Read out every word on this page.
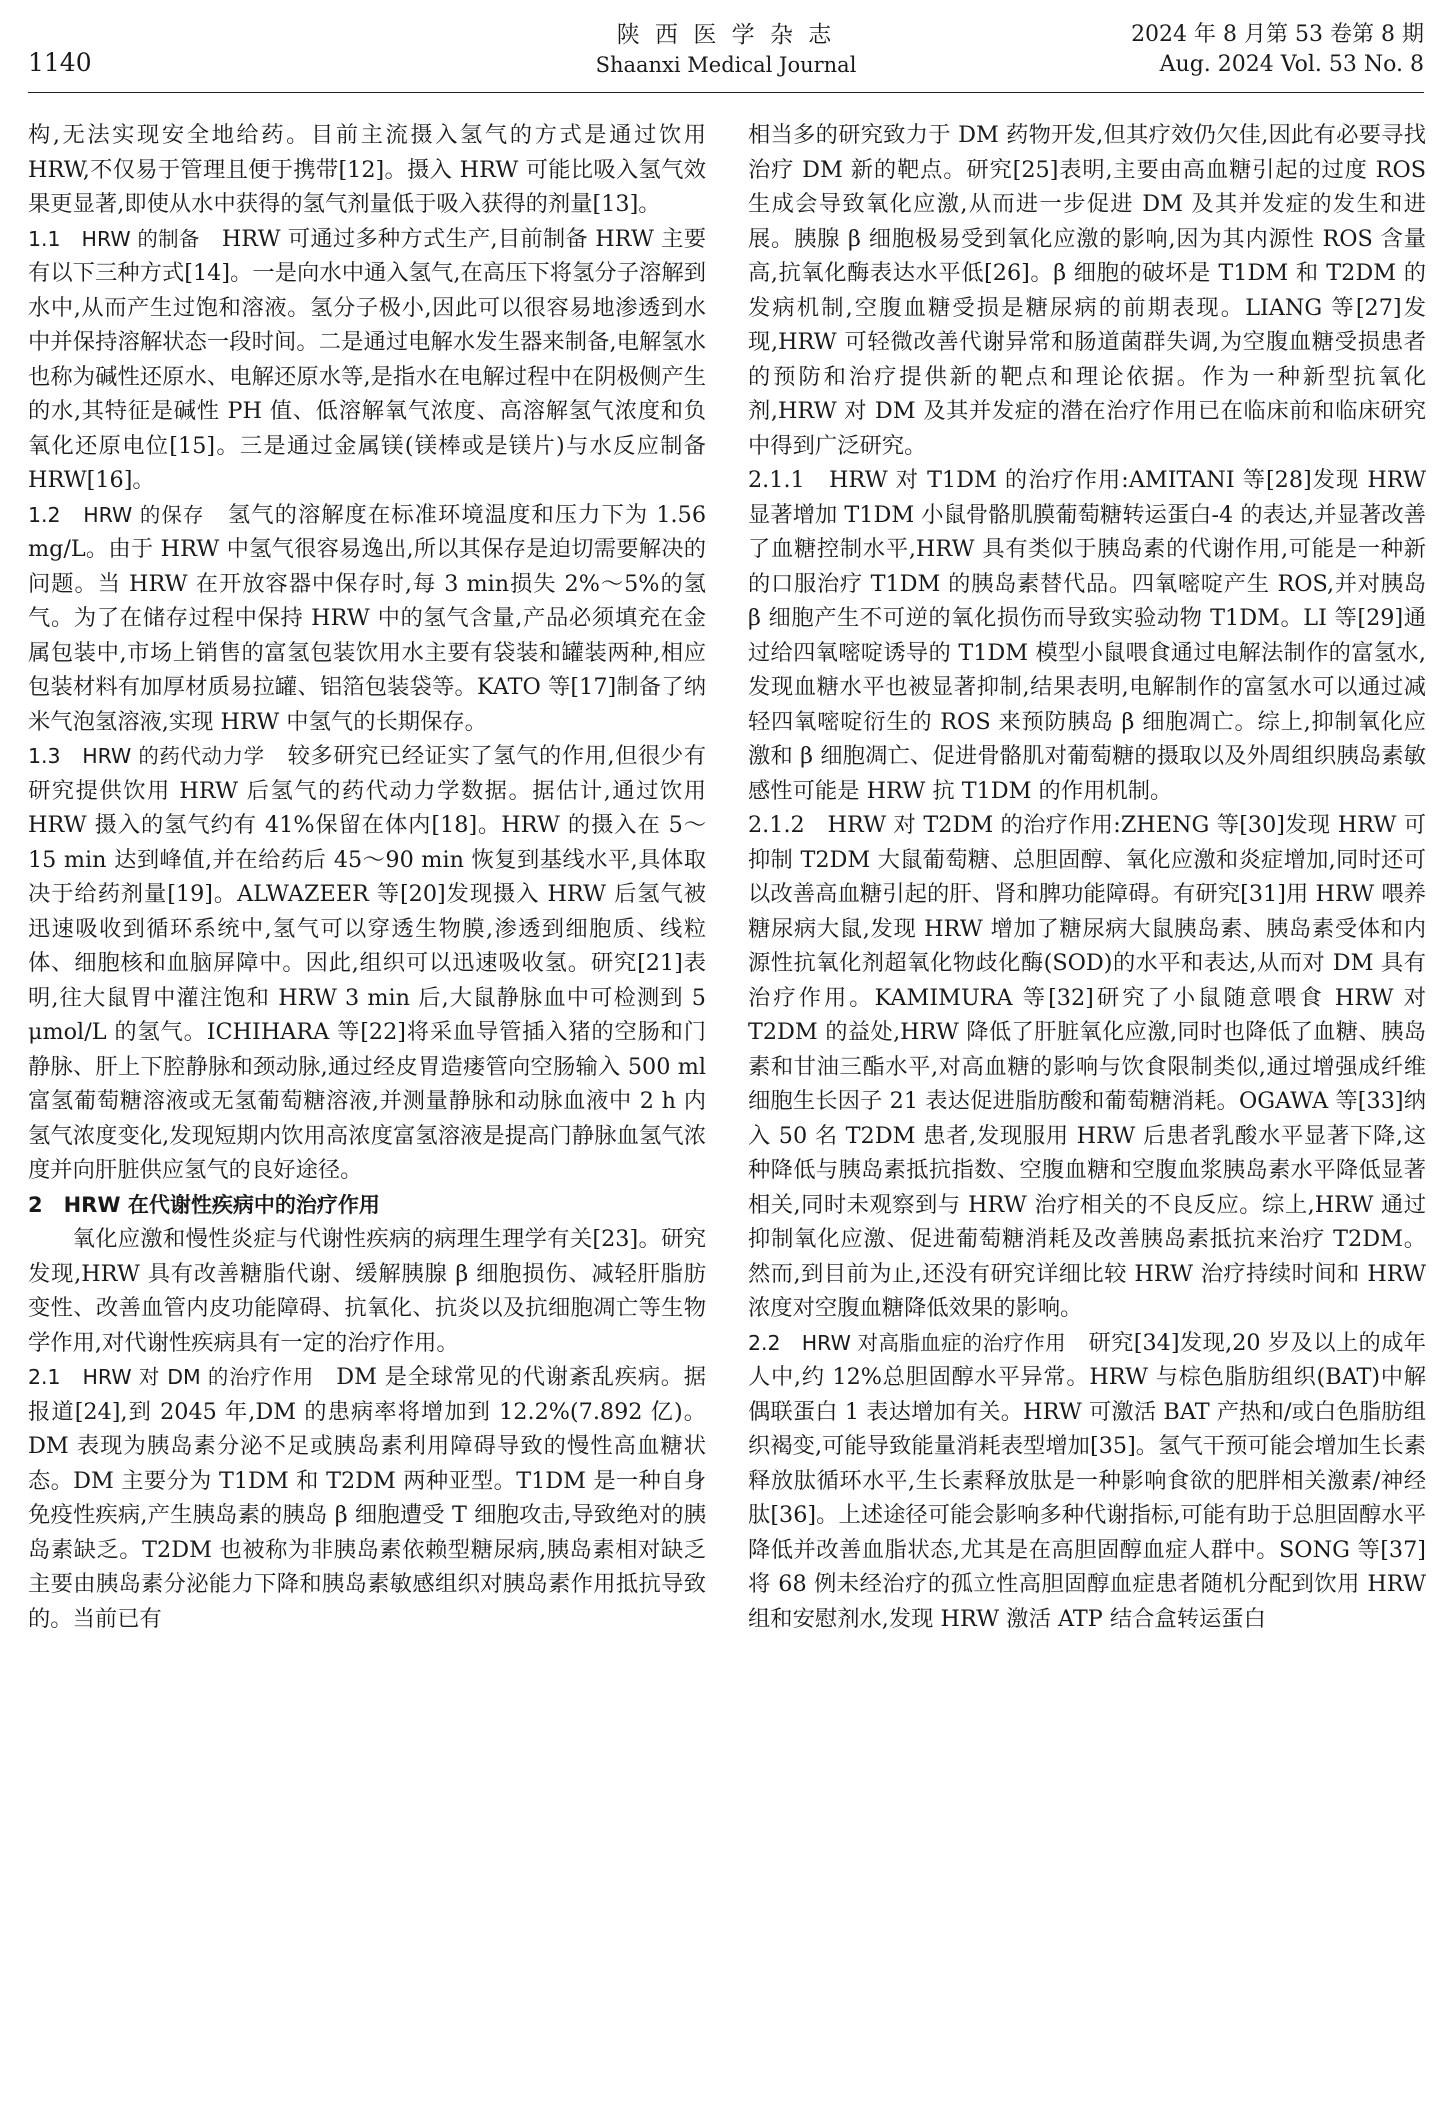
1140
陕 西 医 学 杂 志
Shaanxi Medical Journal
2024 年 8 月第 53 卷第 8 期
Aug. 2024 Vol. 53 No. 8

构,无法实现安全地给药。目前主流摄入氢气的方式是通过饮用 HRW,不仅易于管理且便于携带[12]。摄入 HRW 可能比吸入氢气效果更显著,即使从水中获得的氢气剂量低于吸入获得的剂量[13]。

1.1　HRW 的制备 HRW 可通过多种方式生产,目前制备 HRW 主要有以下三种方式[14]。一是向水中通入氢气,在高压下将氢分子溶解到水中,从而产生过饱和溶液。氢分子极小,因此可以很容易地渗透到水中并保持溶解状态一段时间。二是通过电解水发生器来制备,电解氢水也称为碱性还原水、电解还原水等,是指水在电解过程中在阴极侧产生的水,其特征是碱性 PH 值、低溶解氧气浓度、高溶解氢气浓度和负氧化还原电位[15]。三是通过金属镁(镁棒或是镁片)与水反应制备 HRW[16]。

1.2　HRW 的保存 氢气的溶解度在标准环境温度和压力下为 1.56 mg/L。由于 HRW 中氢气很容易逸出,所以其保存是迫切需要解决的问题。当 HRW 在开放容器中保存时,每 3 min损失 2%～5%的氢气。为了在储存过程中保持 HRW 中的氢气含量,产品必须填充在金属包装中,市场上销售的富氢包装饮用水主要有袋装和罐装两种,相应包装材料有加厚材质易拉罐、铝箔包装袋等。KATO 等[17]制备了纳米气泡氢溶液,实现 HRW 中氢气的长期保存。

1.3　HRW 的药代动力学 较多研究已经证实了氢气的作用,但很少有研究提供饮用 HRW 后氢气的药代动力学数据。据估计,通过饮用 HRW 摄入的氢气约有 41%保留在体内[18]。HRW 的摄入在 5～15 min 达到峰值,并在给药后 45～90 min 恢复到基线水平,具体取决于给药剂量[19]。ALWAZEER 等[20]发现摄入 HRW 后氢气被迅速吸收到循环系统中,氢气可以穿透生物膜,渗透到细胞质、线粒体、细胞核和血脑屏障中。因此,组织可以迅速吸收氢。研究[21]表明,往大鼠胃中灌注饱和 HRW 3 min 后,大鼠静脉血中可检测到 5 μmol/L 的氢气。ICHIHARA 等[22]将采血导管插入猪的空肠和门静脉、肝上下腔静脉和颈动脉,通过经皮胃造瘘管向空肠输入 500 ml 富氢葡萄糖溶液或无氢葡萄糖溶液,并测量静脉和动脉血液中 2 h 内氢气浓度变化,发现短期内饮用高浓度富氢溶液是提高门静脉血氢气浓度并向肝脏供应氢气的良好途径。

2　HRW 在代谢性疾病中的治疗作用

氧化应激和慢性炎症与代谢性疾病的病理生理学有关[23]。研究发现,HRW 具有改善糖脂代谢、缓解胰腺 β 细胞损伤、减轻肝脂肪变性、改善血管内皮功能障碍、抗氧化、抗炎以及抗细胞凋亡等生物学作用,对代谢性疾病具有一定的治疗作用。

2.1　HRW 对 DM 的治疗作用 DM 是全球常见的代谢紊乱疾病。据报道[24],到 2045 年,DM 的患病率将增加到 12.2%(7.892 亿)。DM 表现为胰岛素分泌不足或胰岛素利用障碍导致的慢性高血糖状态。DM 主要分为 T1DM 和 T2DM 两种亚型。T1DM 是一种自身免疫性疾病,产生胰岛素的胰岛 β 细胞遭受 T 细胞攻击,导致绝对的胰岛素缺乏。T2DM 也被称为非胰岛素依赖型糖尿病,胰岛素相对缺乏主要由胰岛素分泌能力下降和胰岛素敏感组织对胰岛素作用抵抗导致的。当前已有

相当多的研究致力于 DM 药物开发,但其疗效仍欠佳,因此有必要寻找治疗 DM 新的靶点。研究[25]表明,主要由高血糖引起的过度 ROS 生成会导致氧化应激,从而进一步促进 DM 及其并发症的发生和进展。胰腺 β 细胞极易受到氧化应激的影响,因为其内源性 ROS 含量高,抗氧化酶表达水平低[26]。β 细胞的破坏是 T1DM 和 T2DM 的发病机制,空腹血糖受损是糖尿病的前期表现。LIANG 等[27]发现,HRW 可轻微改善代谢异常和肠道菌群失调,为空腹血糖受损患者的预防和治疗提供新的靶点和理论依据。作为一种新型抗氧化剂,HRW 对 DM 及其并发症的潜在治疗作用已在临床前和临床研究中得到广泛研究。

2.1.1　HRW 对 T1DM 的治疗作用:AMITANI 等[28]发现 HRW 显著增加 T1DM 小鼠骨骼肌膜葡萄糖转运蛋白-4 的表达,并显著改善了血糖控制水平,HRW 具有类似于胰岛素的代谢作用,可能是一种新的口服治疗 T1DM 的胰岛素替代品。四氧嘧啶产生 ROS,并对胰岛 β 细胞产生不可逆的氧化损伤而导致实验动物 T1DM。LI 等[29]通过给四氧嘧啶诱导的 T1DM 模型小鼠喂食通过电解法制作的富氢水,发现血糖水平也被显著抑制,结果表明,电解制作的富氢水可以通过减轻四氧嘧啶衍生的 ROS 来预防胰岛 β 细胞凋亡。综上,抑制氧化应激和 β 细胞凋亡、促进骨骼肌对葡萄糖的摄取以及外周组织胰岛素敏感性可能是 HRW 抗 T1DM 的作用机制。

2.1.2　HRW 对 T2DM 的治疗作用:ZHENG 等[30]发现 HRW 可抑制 T2DM 大鼠葡萄糖、总胆固醇、氧化应激和炎症增加,同时还可以改善高血糖引起的肝、肾和脾功能障碍。有研究[31]用 HRW 喂养糖尿病大鼠,发现 HRW 增加了糖尿病大鼠胰岛素、胰岛素受体和内源性抗氧化剂超氧化物歧化酶(SOD)的水平和表达,从而对 DM 具有治疗作用。KAMIMURA 等[32]研究了小鼠随意喂食 HRW 对 T2DM 的益处,HRW 降低了肝脏氧化应激,同时也降低了血糖、胰岛素和甘油三酯水平,对高血糖的影响与饮食限制类似,通过增强成纤维细胞生长因子 21 表达促进脂肪酸和葡萄糖消耗。OGAWA 等[33]纳入 50 名 T2DM 患者,发现服用 HRW 后患者乳酸水平显著下降,这种降低与胰岛素抵抗指数、空腹血糖和空腹血浆胰岛素水平降低显著相关,同时未观察到与 HRW 治疗相关的不良反应。综上,HRW 通过抑制氧化应激、促进葡萄糖消耗及改善胰岛素抵抗来治疗 T2DM。然而,到目前为止,还没有研究详细比较 HRW 治疗持续时间和 HRW 浓度对空腹血糖降低效果的影响。

2.2　HRW 对高脂血症的治疗作用 研究[34]发现,20 岁及以上的成年人中,约 12%总胆固醇水平异常。HRW 与棕色脂肪组织(BAT)中解偶联蛋白 1 表达增加有关。HRW 可激活 BAT 产热和/或白色脂肪组织褐变,可能导致能量消耗表型增加[35]。氢气干预可能会增加生长素释放肽循环水平,生长素释放肽是一种影响食欲的肥胖相关激素/神经肽[36]。上述途径可能会影响多种代谢指标,可能有助于总胆固醇水平降低并改善血脂状态,尤其是在高胆固醇血症人群中。SONG 等[37]将 68 例未经治疗的孤立性高胆固醇血症患者随机分配到饮用 HRW 组和安慰剂水,发现 HRW 激活 ATP 结合盒转运蛋白
